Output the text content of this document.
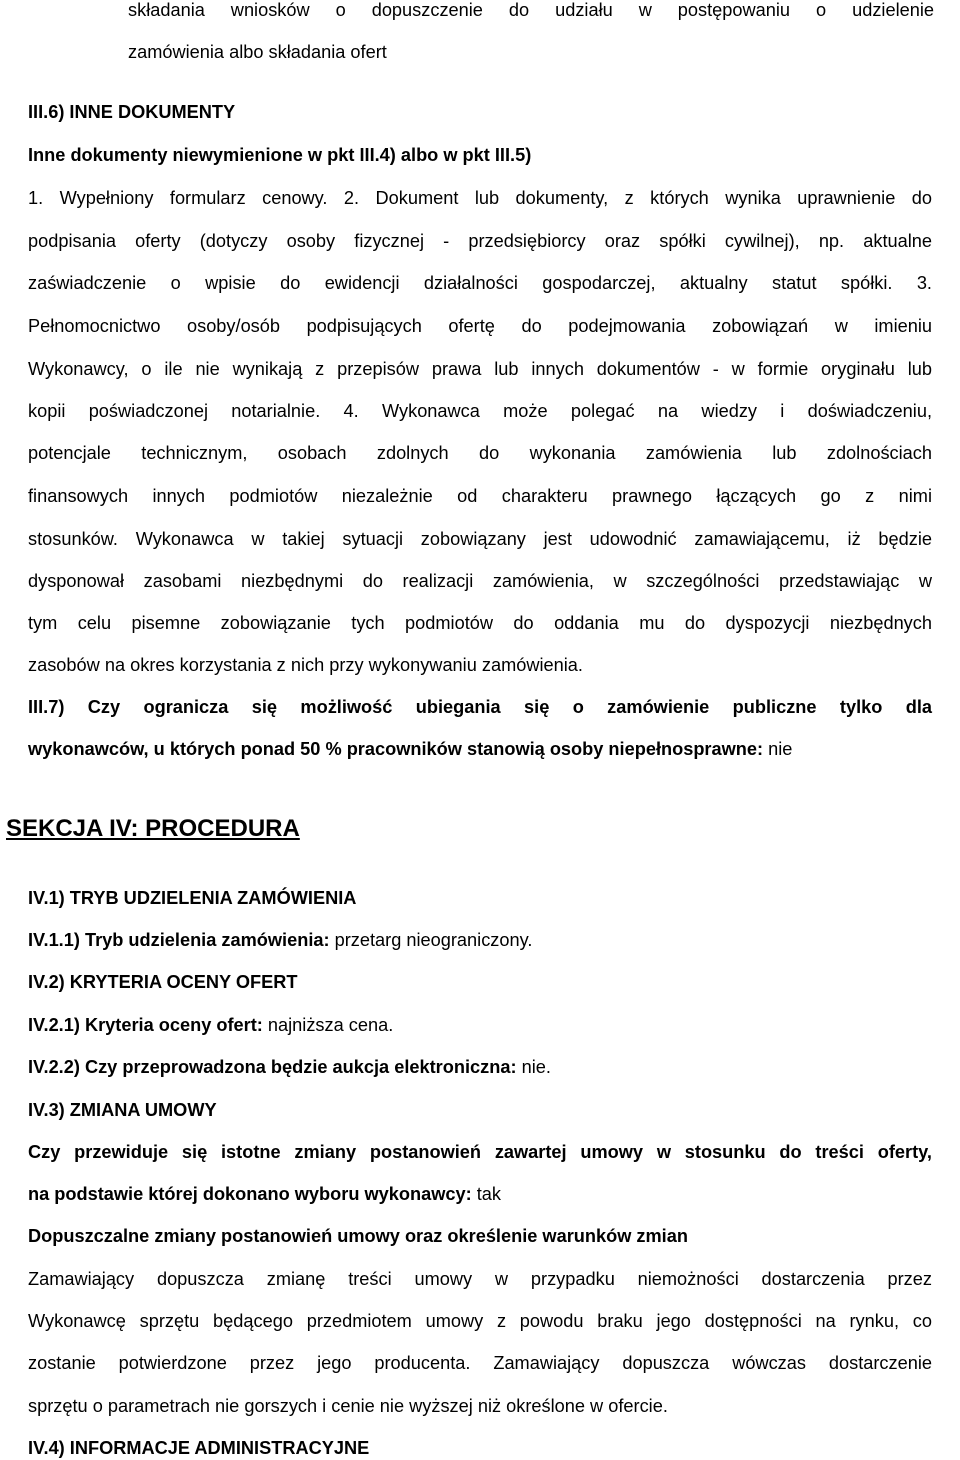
składania wniosków o dopuszczenie do udziału w postępowaniu o udzielenie
zamówienia albo składania ofert
III.6) INNE DOKUMENTY
Inne dokumenty niewymienione w pkt III.4) albo w pkt III.5)
1. Wypełniony formularz cenowy. 2. Dokument lub dokumenty, z których wynika uprawnienie do
podpisania oferty (dotyczy osoby fizycznej - przedsiębiorcy oraz spółki cywilnej), np. aktualne
zaświadczenie o wpisie do ewidencji działalności gospodarczej, aktualny statut spółki. 3.
Pełnomocnictwo osoby/osób podpisujących ofertę do podejmowania zobowiązań w imieniu
Wykonawcy, o ile nie wynikają z przepisów prawa lub innych dokumentów - w formie oryginału lub
kopii poświadczonej notarialnie. 4. Wykonawca może polegać na wiedzy i doświadczeniu,
potencjale technicznym, osobach zdolnych do wykonania zamówienia lub zdolnościach
finansowych innych podmiotów niezależnie od charakteru prawnego łączących go z nimi
stosunków. Wykonawca w takiej sytuacji zobowiązany jest udowodnić zamawiającemu, iż będzie
dysponował zasobami niezbędnymi do realizacji zamówienia, w szczególności przedstawiając w
tym celu pisemne zobowiązanie tych podmiotów do oddania mu do dyspozycji niezbędnych
zasobów na okres korzystania z nich przy wykonywaniu zamówienia.
III.7) Czy ogranicza się możliwość ubiegania się o zamówienie publiczne tylko dla
wykonawców, u których ponad 50 % pracowników stanowią osoby niepełnosprawne: nie
SEKCJA IV: PROCEDURA
IV.1) TRYB UDZIELENIA ZAMÓWIENIA
IV.1.1) Tryb udzielenia zamówienia: przetarg nieograniczony.
IV.2) KRYTERIA OCENY OFERT
IV.2.1) Kryteria oceny ofert: najniższa cena.
IV.2.2) Czy przeprowadzona będzie aukcja elektroniczna: nie.
IV.3) ZMIANA UMOWY
Czy przewiduje się istotne zmiany postanowień zawartej umowy w stosunku do treści oferty,
na podstawie której dokonano wyboru wykonawcy: tak
Dopuszczalne zmiany postanowień umowy oraz określenie warunków zmian
Zamawiający dopuszcza zmianę treści umowy w przypadku niemożności dostarczenia przez
Wykonawcę sprzętu będącego przedmiotem umowy z powodu braku jego dostępności na rynku, co
zostanie potwierdzone przez jego producenta. Zamawiający dopuszcza wówczas dostarczenie
sprzętu o parametrach nie gorszych i cenie nie wyższej niż określone w ofercie.
IV.4) INFORMACJE ADMINISTRACYJNE
